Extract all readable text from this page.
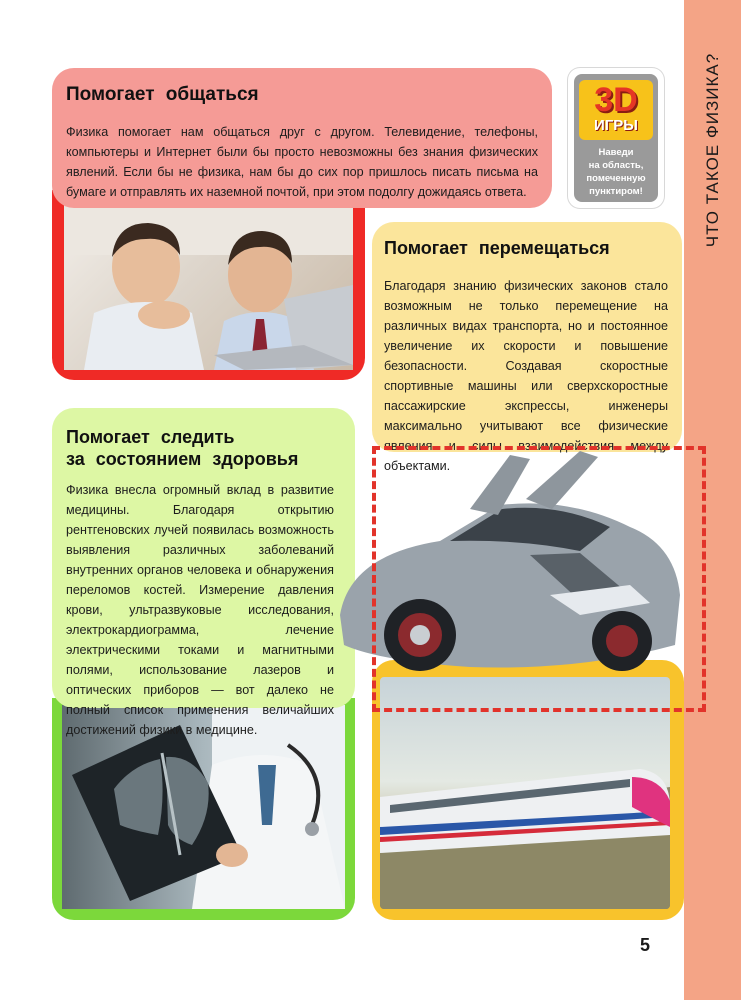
ЧТО ТАКОЕ ФИЗИКА?
3D
ИГРЫ
Наведи
на область,
помеченную
пунктиром!
Помогает общаться
Физика помогает нам общаться друг с другом. Телевидение, телефоны, компьютеры и Интернет были бы просто невозможны без знания физических явлений. Если бы не физика, нам бы до сих пор пришлось писать письма на бумаге и отправлять их наземной почтой, при этом подолгу дожидаясь ответа.
Помогает перемещаться
Благодаря знанию физических законов стало возможным не только перемещение на различных видах транспорта, но и постоянное увеличение их скорости и повышение безопасности. Создавая скоростные спортивные машины или сверхскоростные пассажирские экспрессы, инженеры максимально учитывают все физические явления и силы взаимодействия между объектами.
Помогает следить
за состоянием здоровья
Физика внесла огромный вклад в развитие медицины. Благодаря открытию рентгеновских лучей появилась возможность выявления различных заболеваний внутренних органов человека и обнаружения переломов костей. Измерение давления крови, ультразвуковые исследования, электрокардиограмма, лечение электрическими токами и магнитными полями, использование лазеров и оптических приборов — вот далеко не полный список применения величайших достижений физики в медицине.
5
